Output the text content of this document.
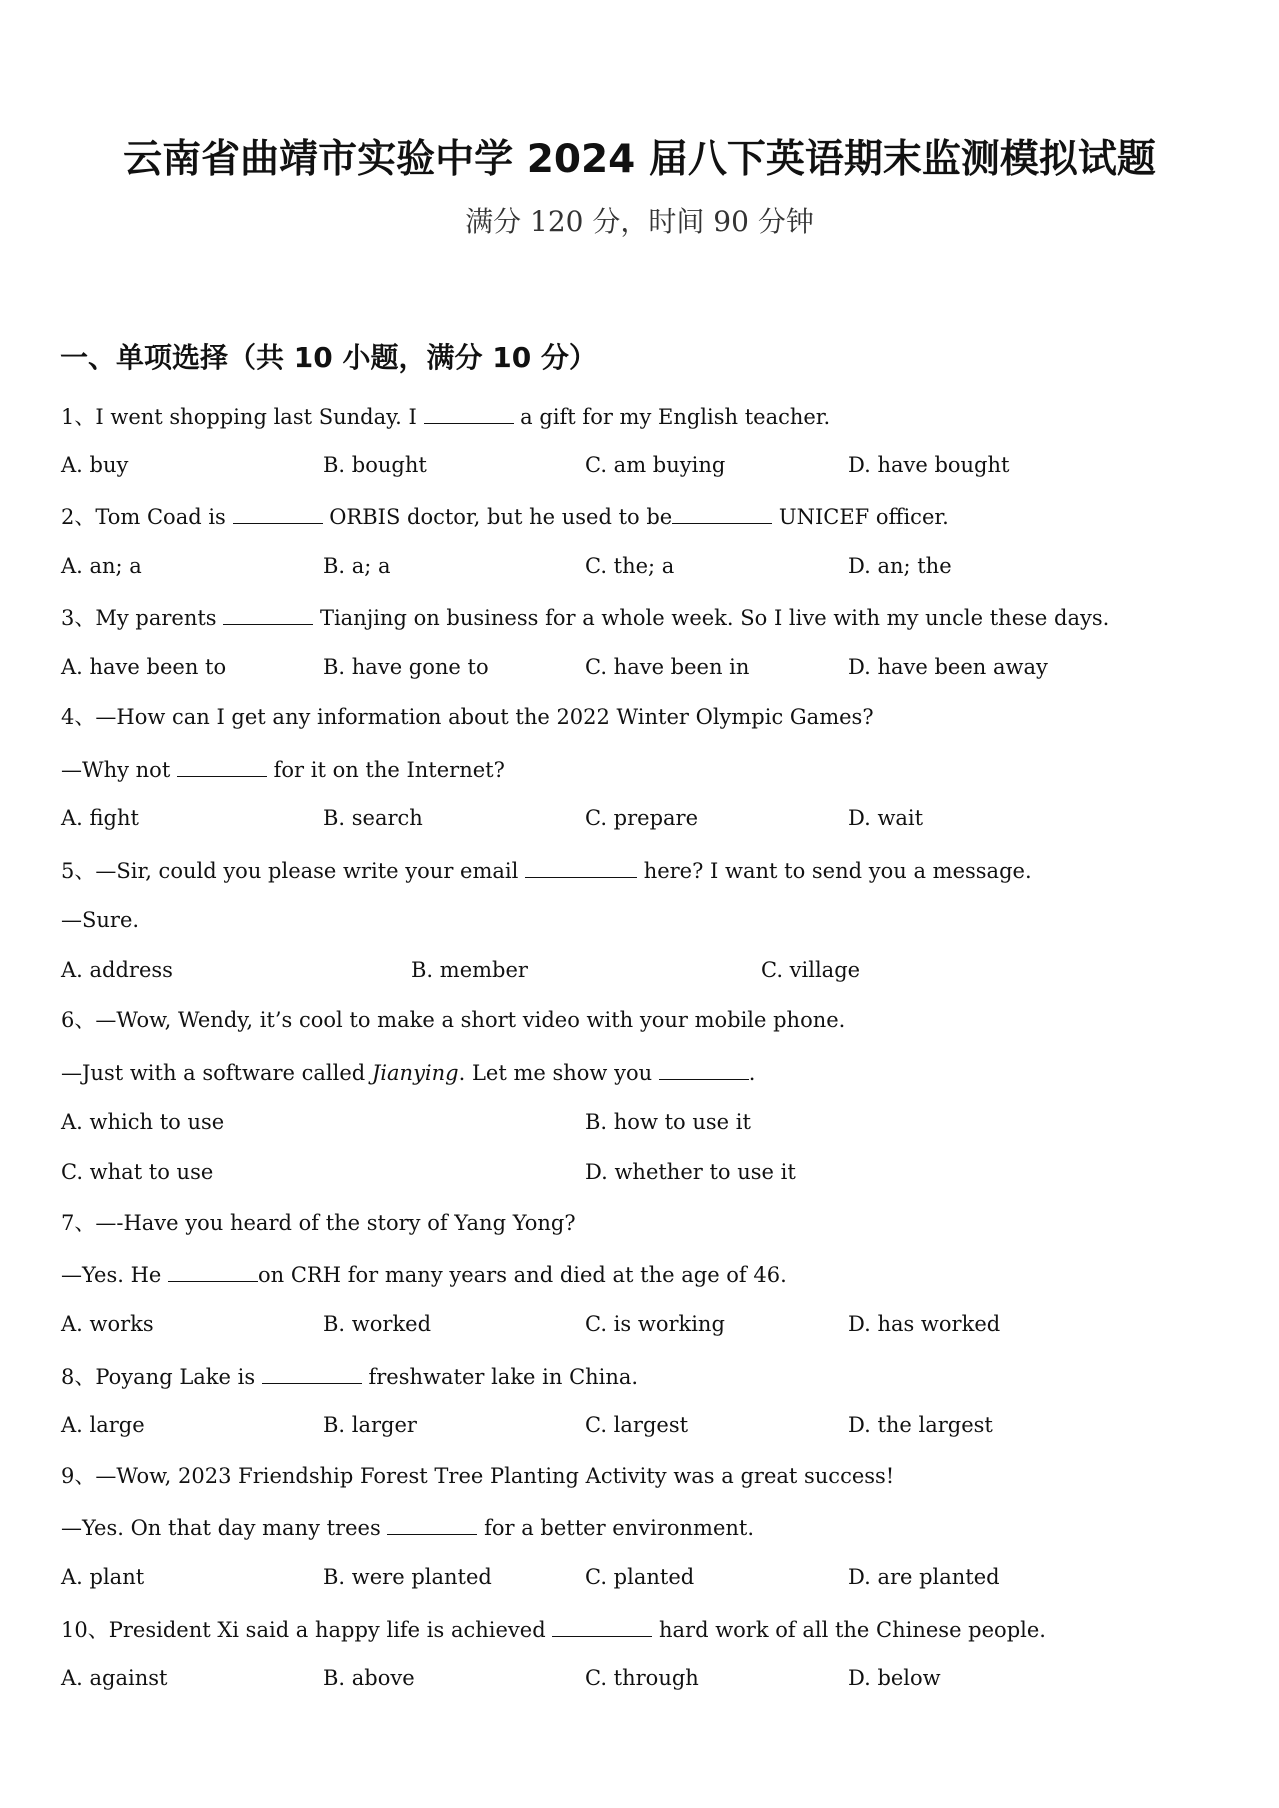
云南省曲靖市实验中学 2024 届八下英语期末监测模拟试题
满分 120 分，时间 90 分钟
一、单项选择（共 10 小题，满分 10 分）
1、I went shopping last Sunday. I	a gift for my English teacher.
A. buy	B. bought	C. am buying	D. have bought
2、Tom Coad is	ORBIS doctor, but he used to be	UNICEF officer.
A. an; a	B. a; a	C. the; a	D. an; the
3、My parents	Tianjing on business for a whole week. So I live with my uncle these days.
A. have been to	B. have gone to	C. have been in	D. have been away
4、—How can I get any information about the 2022 Winter Olympic Games?
—Why not	for it on the Internet?
A. fight	B. search	C. prepare	D. wait
5、—Sir, could you please write your email	here? I want to send you a message.
—Sure.
A. address	B. member	C. village
6、—Wow, Wendy, it’s cool to make a short video with your mobile phone.
—Just with a software called Jianying. Let me show you	.
A. which to use	B. how to use it
C. what to use	D. whether to use it
7、—-Have you heard of the story of Yang Yong?
—Yes. He	on CRH for many years and died at the age of 46.
A. works	B. worked	C. is working	D. has worked
8、Poyang Lake is	freshwater lake in China.
A. large	B. larger	C. largest	D. the largest
9、—Wow, 2023 Friendship Forest Tree Planting Activity was a great success!
—Yes. On that day many trees	for a better environment.
A. plant	B. were planted	C. planted	D. are planted
10、President Xi said a happy life is achieved	hard work of all the Chinese people.
A. against	B. above	C. through	D. below
